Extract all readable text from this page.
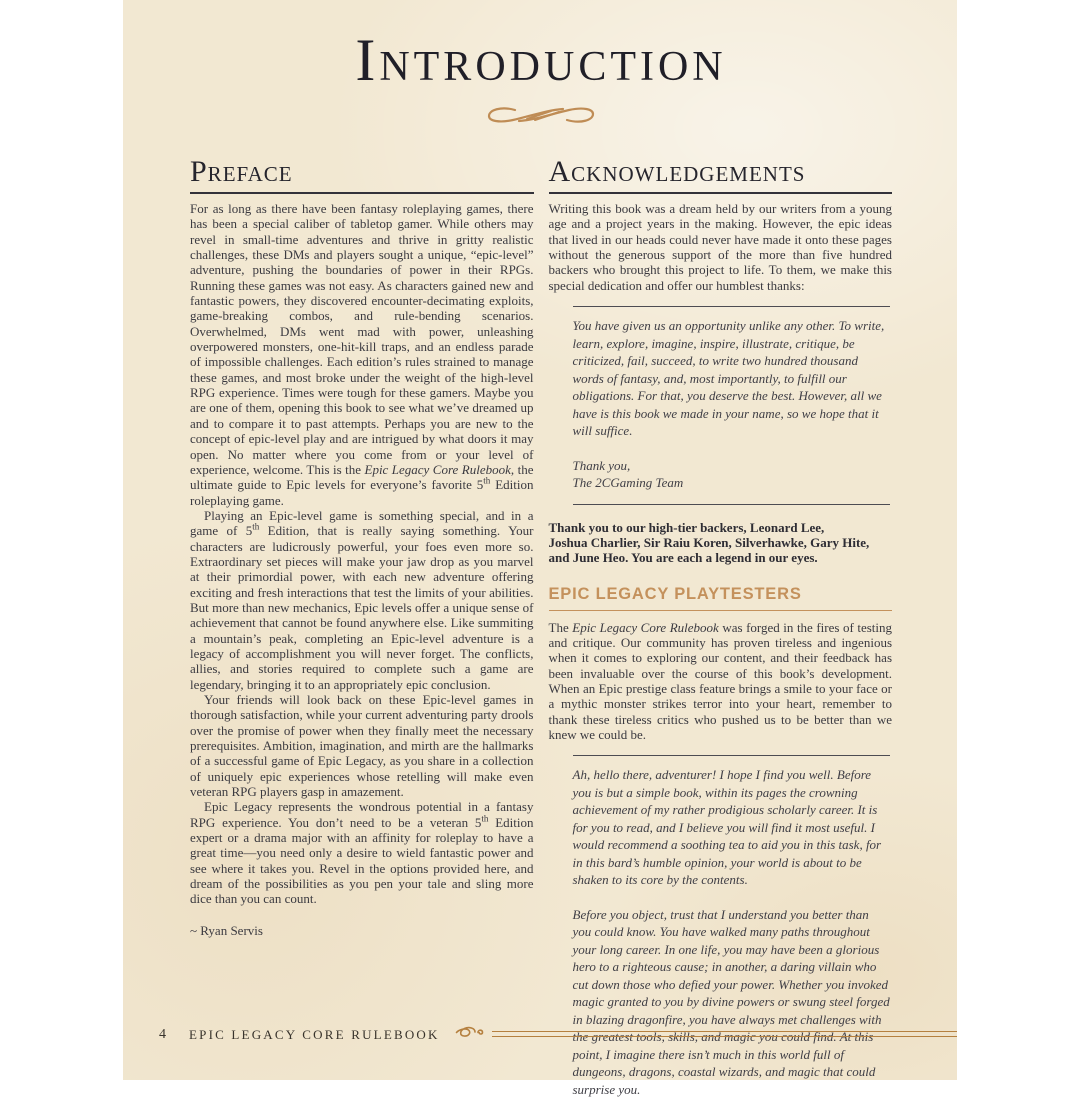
Introduction
Preface

For as long as there have been fantasy roleplaying games, there has been a special caliber of tabletop gamer. While others may revel in small-time adventures and thrive in gritty realistic challenges, these DMs and players sought a unique, “epic-level” adventure, pushing the boundaries of power in their RPGs. Running these games was not easy. As characters gained new and fantastic powers, they discovered encounter-decimating exploits, game-breaking combos, and rule-bending scenarios. Overwhelmed, DMs went mad with power, unleashing overpowered monsters, one-hit-kill traps, and an endless parade of impossible challenges. Each edition’s rules strained to manage these games, and most broke under the weight of the high-level RPG experience. Times were tough for these gamers. Maybe you are one of them, opening this book to see what we’ve dreamed up and to compare it to past attempts. Perhaps you are new to the concept of epic-level play and are intrigued by what doors it may open. No matter where you come from or your level of experience, welcome. This is the Epic Legacy Core Rulebook, the ultimate guide to Epic levels for everyone’s favorite 5th Edition roleplaying game.

Playing an Epic-level game is something special, and in a game of 5th Edition, that is really saying something. Your characters are ludicrously powerful, your foes even more so. Extraordinary set pieces will make your jaw drop as you marvel at their primordial power, with each new adventure offering exciting and fresh interactions that test the limits of your abilities. But more than new mechanics, Epic levels offer a unique sense of achievement that cannot be found anywhere else. Like summiting a mountain’s peak, completing an Epic-level adventure is a legacy of accomplishment you will never forget. The conflicts, allies, and stories required to complete such a game are legendary, bringing it to an appropriately epic conclusion.

Your friends will look back on these Epic-level games in thorough satisfaction, while your current adventuring party drools over the promise of power when they finally meet the necessary prerequisites. Ambition, imagination, and mirth are the hallmarks of a successful game of Epic Legacy, as you share in a collection of uniquely epic experiences whose retelling will make even veteran RPG players gasp in amazement.

Epic Legacy represents the wondrous potential in a fantasy RPG experience. You don’t need to be a veteran 5th Edition expert or a drama major with an affinity for roleplay to have a great time—you need only a desire to wield fantastic power and see where it takes you. Revel in the options provided here, and dream of the possibilities as you pen your tale and sling more dice than you can count.

~ Ryan Servis

Acknowledgements

Writing this book was a dream held by our writers from a young age and a project years in the making. However, the epic ideas that lived in our heads could never have made it onto these pages without the generous support of the more than five hundred backers who brought this project to life. To them, we make this special dedication and offer our humblest thanks:

You have given us an opportunity unlike any other. To write, learn, explore, imagine, inspire, illustrate, critique, be criticized, fail, succeed, to write two hundred thousand words of fantasy, and, most importantly, to fulfill our obligations. For that, you deserve the best. However, all we have is this book we made in your name, so we hope that it will suffice.

Thank you,
The 2CGaming Team

Thank you to our high-tier backers, Leonard Lee,
Joshua Charlier, Sir Raiu Koren, Silverhawke, Gary Hite,
and June Heo. You are each a legend in our eyes.

EPIC LEGACY PLAYTESTERS

The Epic Legacy Core Rulebook was forged in the fires of testing and critique. Our community has proven tireless and ingenious when it comes to exploring our content, and their feedback has been invaluable over the course of this book’s development. When an Epic prestige class feature brings a smile to your face or a mythic monster strikes terror into your heart, remember to thank these tireless critics who pushed us to be better than we knew we could be.

Ah, hello there, adventurer! I hope I find you well. Before you is but a simple book, within its pages the crowning achievement of my rather prodigious scholarly career. It is for you to read, and I believe you will find it most useful. I would recommend a soothing tea to aid you in this task, for in this bard’s humble opinion, your world is about to be shaken to its core by the contents.

Before you object, trust that I understand you better than you could know. You have walked many paths throughout your long career. In one life, you may have been a glorious hero to a righteous cause; in another, a daring villain who cut down those who defied your power. Whether you invoked magic granted to you by divine powers or swung steel forged in blazing dragonfire, you have always met challenges with the greatest tools, skills, and magic you could find. At this point, I imagine there isn’t much in this world full of dungeons, dragons, coastal wizards, and magic that could surprise you.

4 EPIC LEGACY CORE RULEBOOK
